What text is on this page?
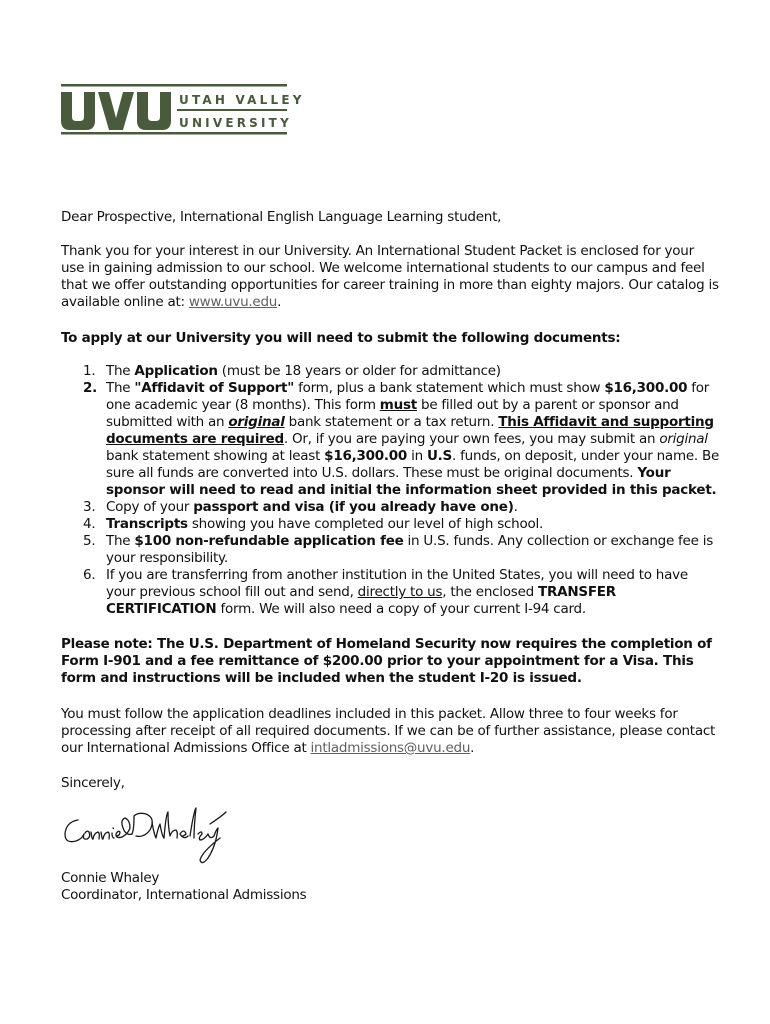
UTAH VALLEY
UNIVERSITY

Dear Prospective, International English Language Learning student,

Thank you for your interest in our University. An International Student Packet is enclosed for your use in gaining admission to our school. We welcome international students to our campus and feel that we offer outstanding opportunities for career training in more than eighty majors. Our catalog is available online at: www.uvu.edu.

To apply at our University you will need to submit the following documents:

1. The Application (must be 18 years or older for admittance)
2. The "Affidavit of Support" form, plus a bank statement which must show $16,300.00 for one academic year (8 months). This form must be filled out by a parent or sponsor and submitted with an original bank statement or a tax return. This Affidavit and supporting documents are required. Or, if you are paying your own fees, you may submit an original bank statement showing at least $16,300.00 in U.S. funds, on deposit, under your name. Be sure all funds are converted into U.S. dollars. These must be original documents. Your sponsor will need to read and initial the information sheet provided in this packet.
3. Copy of your passport and visa (if you already have one).
4. Transcripts showing you have completed our level of high school.
5. The $100 non-refundable application fee in U.S. funds. Any collection or exchange fee is your responsibility.
6. If you are transferring from another institution in the United States, you will need to have your previous school fill out and send, directly to us, the enclosed TRANSFER CERTIFICATION form. We will also need a copy of your current I-94 card.

Please note: The U.S. Department of Homeland Security now requires the completion of Form I-901 and a fee remittance of $200.00 prior to your appointment for a Visa. This form and instructions will be included when the student I-20 is issued.

You must follow the application deadlines included in this packet. Allow three to four weeks for processing after receipt of all required documents. If we can be of further assistance, please contact our International Admissions Office at intladmissions@uvu.edu.

Sincerely,

Connie Whaley

Coordinator, International Admissions
